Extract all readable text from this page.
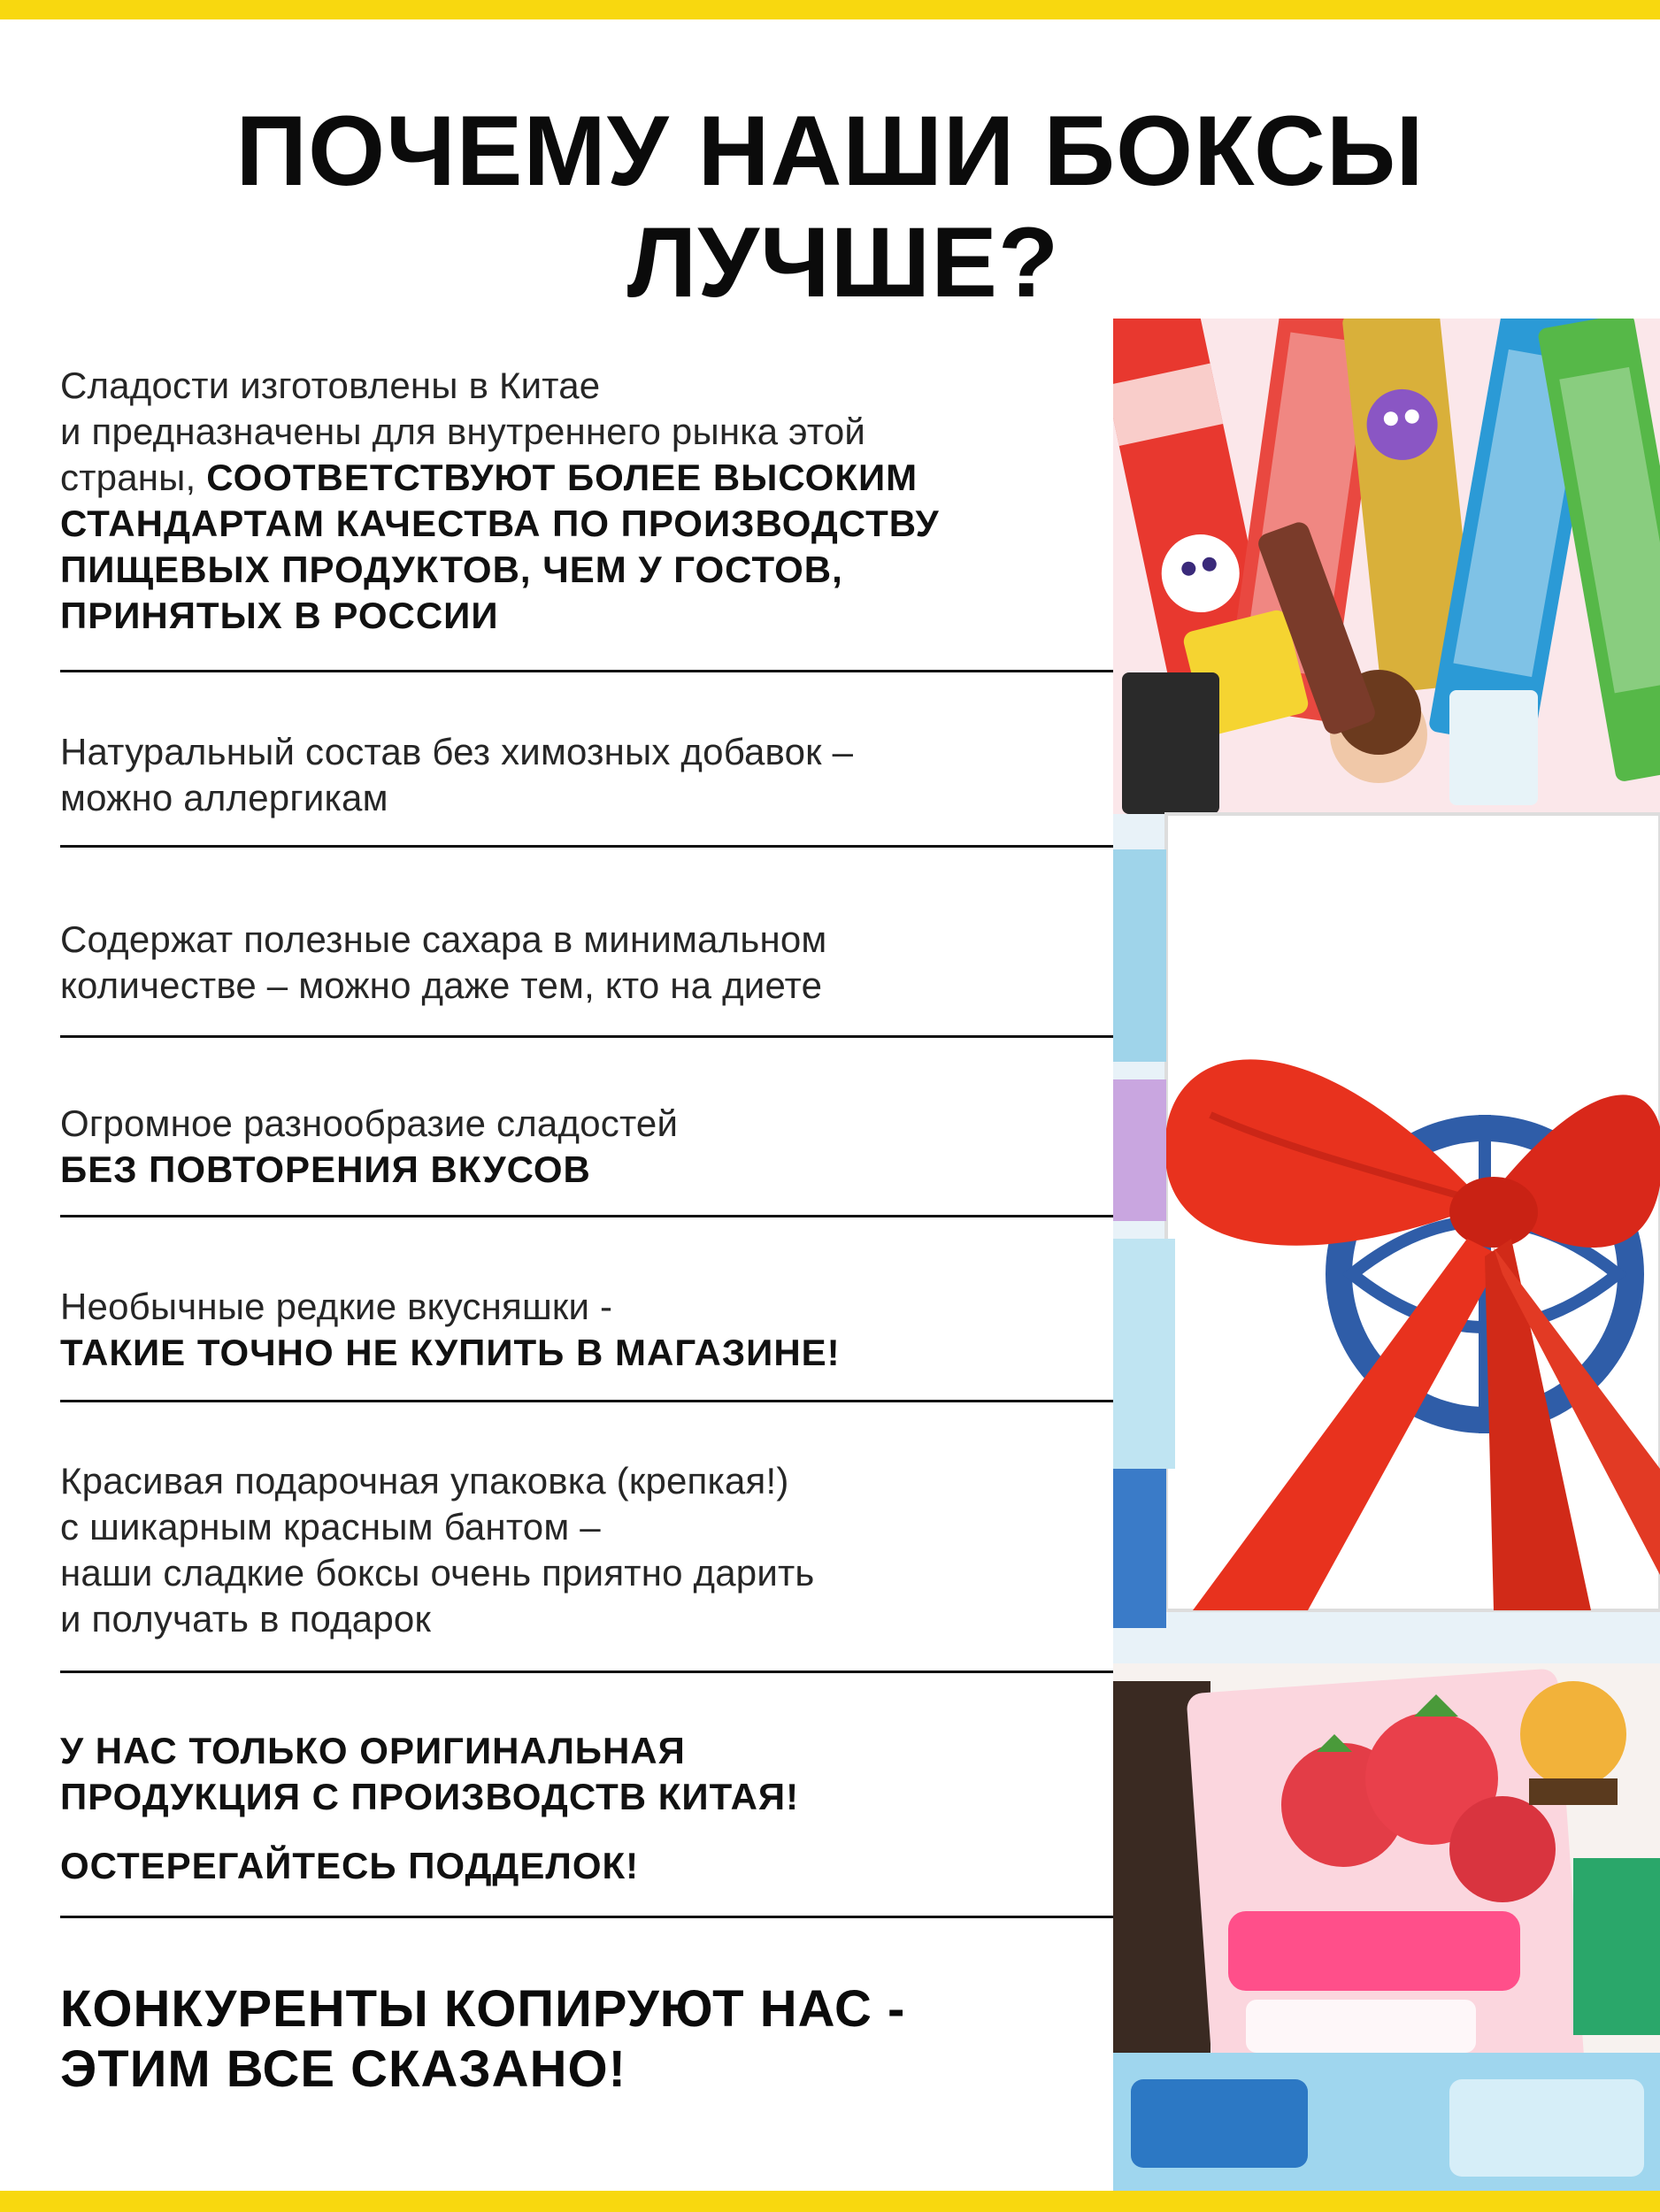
ПОЧЕМУ НАШИ БОКСЫ
ЛУЧШЕ?
Сладости изготовлены в Китае
и предназначены для внутреннего рынка этой
страны, СООТВЕТСТВУЮТ БОЛЕЕ ВЫСОКИМ
СТАНДАРТАМ КАЧЕСТВА ПО ПРОИЗВОДСТВУ
ПИЩЕВЫХ ПРОДУКТОВ, ЧЕМ У ГОСТОВ,
ПРИНЯТЫХ В РОССИИ
Натуральный состав без химозных добавок –
можно аллергикам
Содержат полезные сахара в минимальном
количестве – можно даже тем, кто на диете
Огромное разнообразие сладостей
БЕЗ ПОВТОРЕНИЯ ВКУСОВ
Необычные редкие вкусняшки -
ТАКИЕ ТОЧНО НЕ КУПИТЬ В МАГАЗИНЕ!
Красивая подарочная упаковка (крепкая!)
с шикарным красным бантом –
наши сладкие боксы очень приятно дарить
и получать в подарок
У НАС ТОЛЬКО ОРИГИНАЛЬНАЯ
ПРОДУКЦИЯ С ПРОИЗВОДСТВ КИТАЯ!
ОСТЕРЕГАЙТЕСЬ ПОДДЕЛОК!
КОНКУРЕНТЫ КОПИРУЮТ НАС -
ЭТИМ ВСЕ СКАЗАНО!
